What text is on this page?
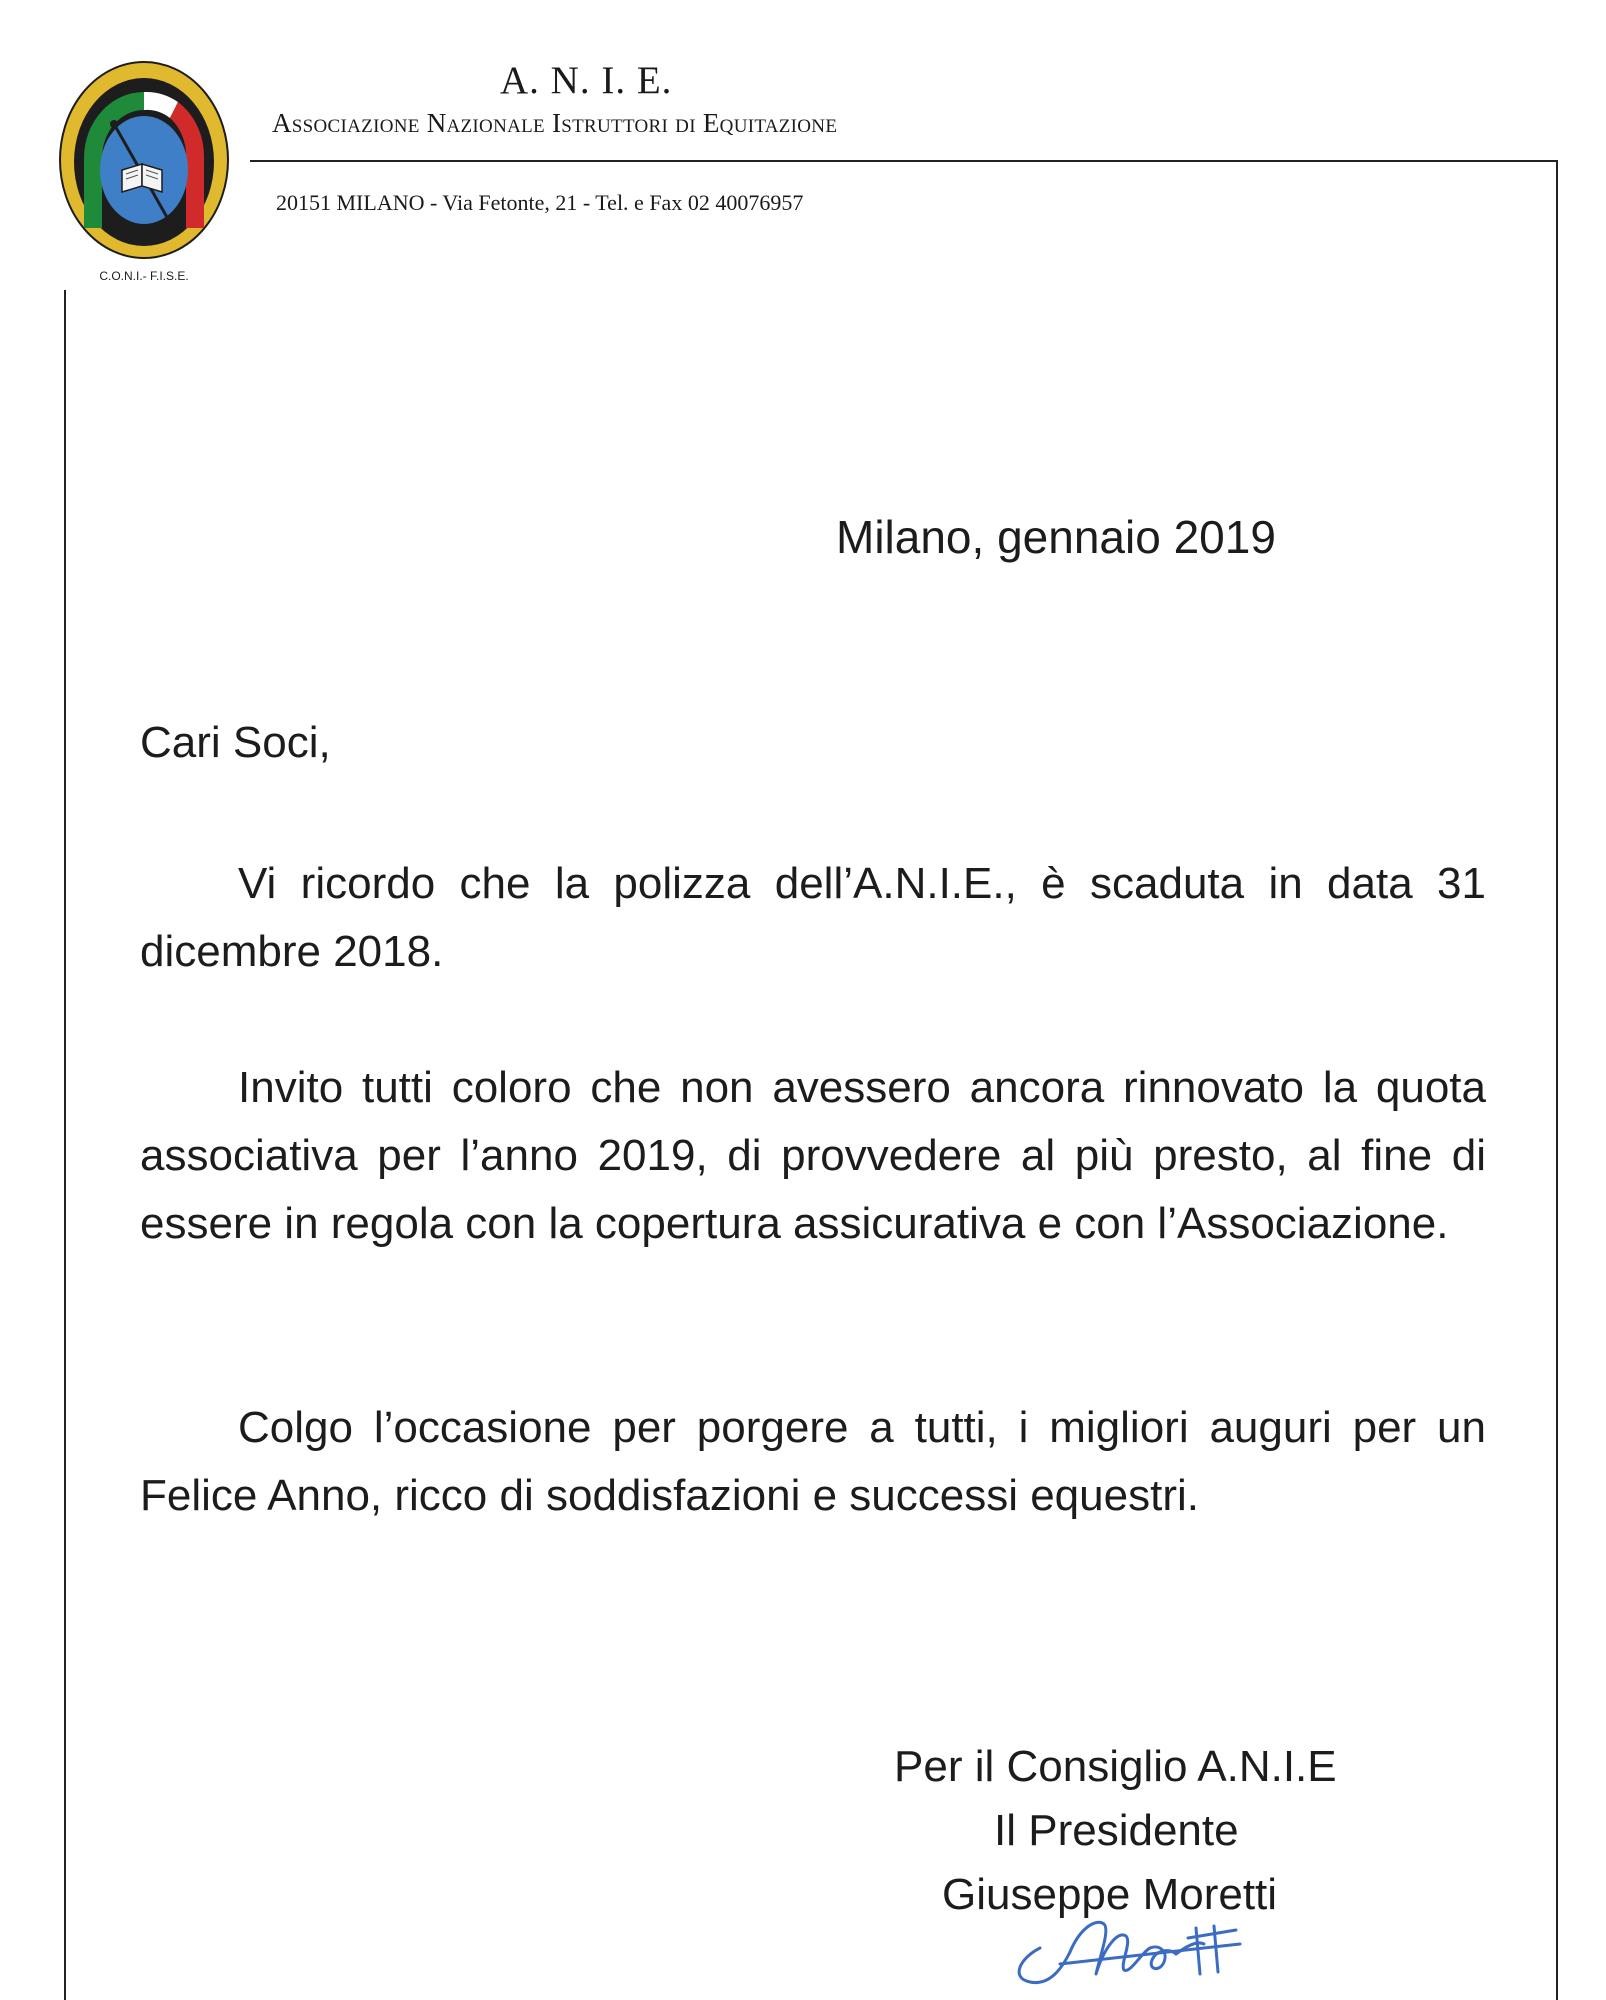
A.N.I.E.
C.O.N.I.- F.I.S.E.
A. N. I. E.
Associazione Nazionale Istruttori di Equitazione
20151 MILANO - Via Fetonte, 21 - Tel. e Fax 02 40076957
Milano, gennaio 2019
Cari Soci,

Vi ricordo che la polizza dell’A.N.I.E., è scaduta in data 31 dicembre 2018.

Invito tutti coloro che non avessero ancora rinnovato la quota associativa per l’anno 2019, di provvedere al più presto, al fine di essere in regola con la copertura assicurativa e con l’Associazione.

Colgo l’occasione per porgere a tutti, i migliori auguri per un Felice Anno, ricco di soddisfazioni e successi equestri.

Per il Consiglio A.N.I.E
Il Presidente
Giuseppe Moretti
